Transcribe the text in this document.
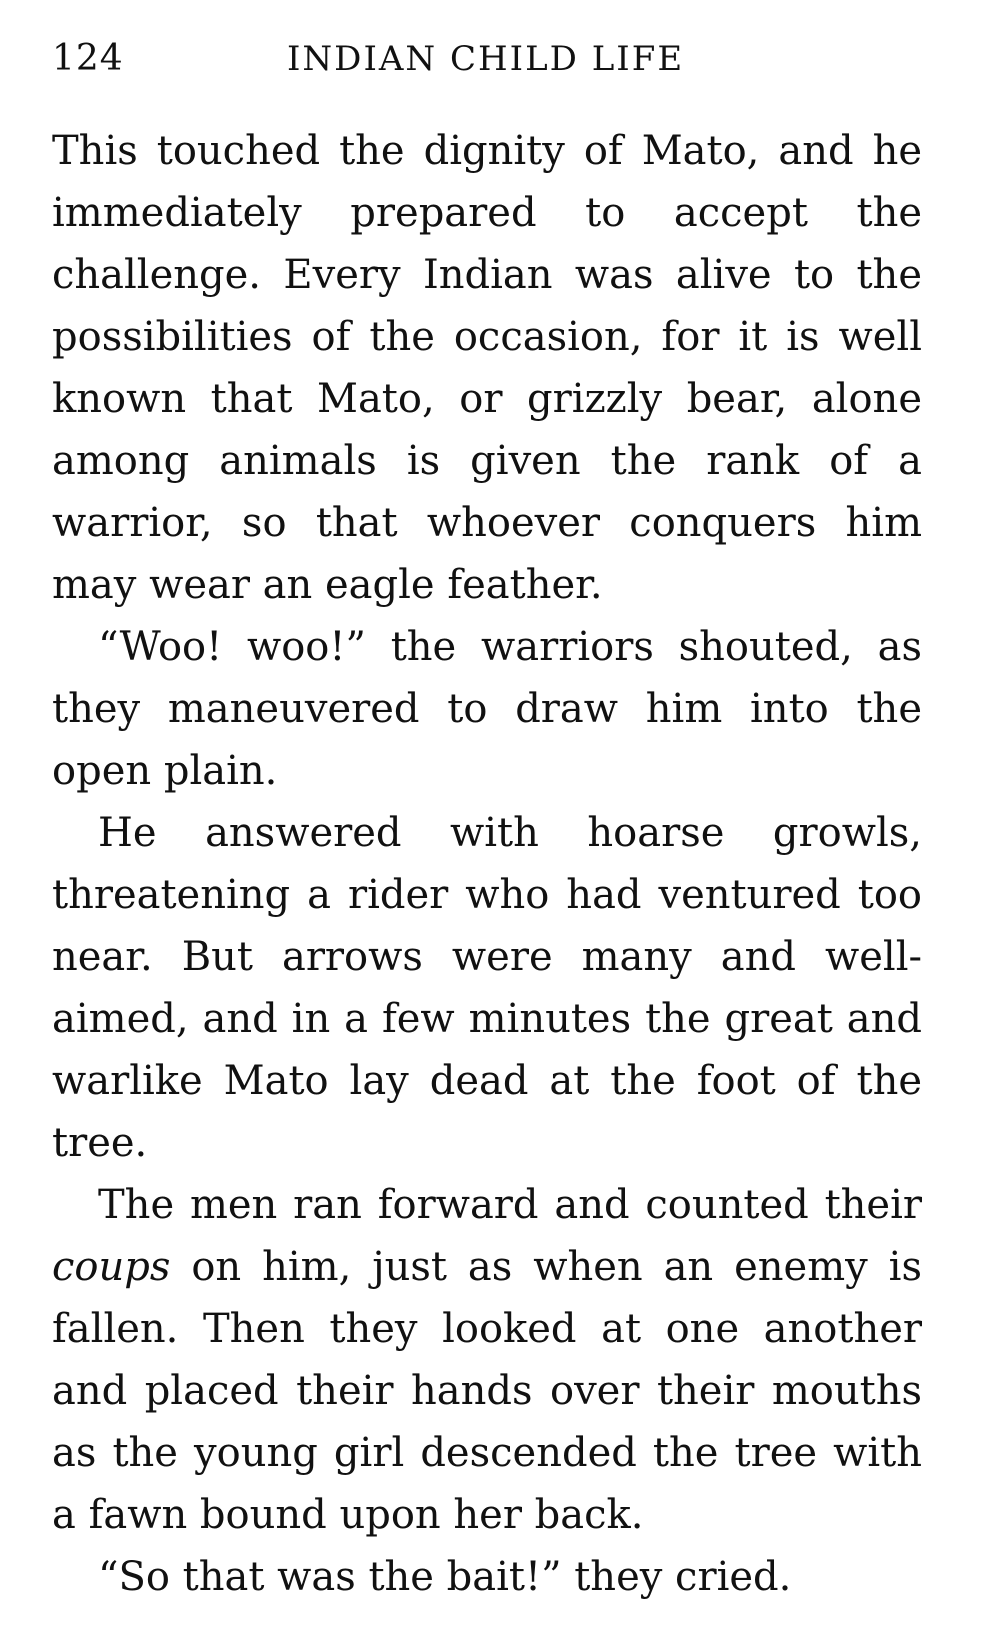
124	INDIAN CHILD LIFE

This touched the dignity of Mato, and he immediately prepared to accept the challenge. Every Indian was alive to the possibilities of the occasion, for it is well known that Mato, or grizzly bear, alone among animals is given the rank of a warrior, so that whoever conquers him may wear an eagle feather.

“Woo! woo!” the warriors shouted, as they maneuvered to draw him into the open plain.

He answered with hoarse growls, threatening a rider who had ventured too near. But arrows were many and well-aimed, and in a few minutes the great and warlike Mato lay dead at the foot of the tree.

The men ran forward and counted their coups on him, just as when an enemy is fallen. Then they looked at one another and placed their hands over their mouths as the young girl descended the tree with a fawn bound upon her back.

“So that was the bait!” they cried.
